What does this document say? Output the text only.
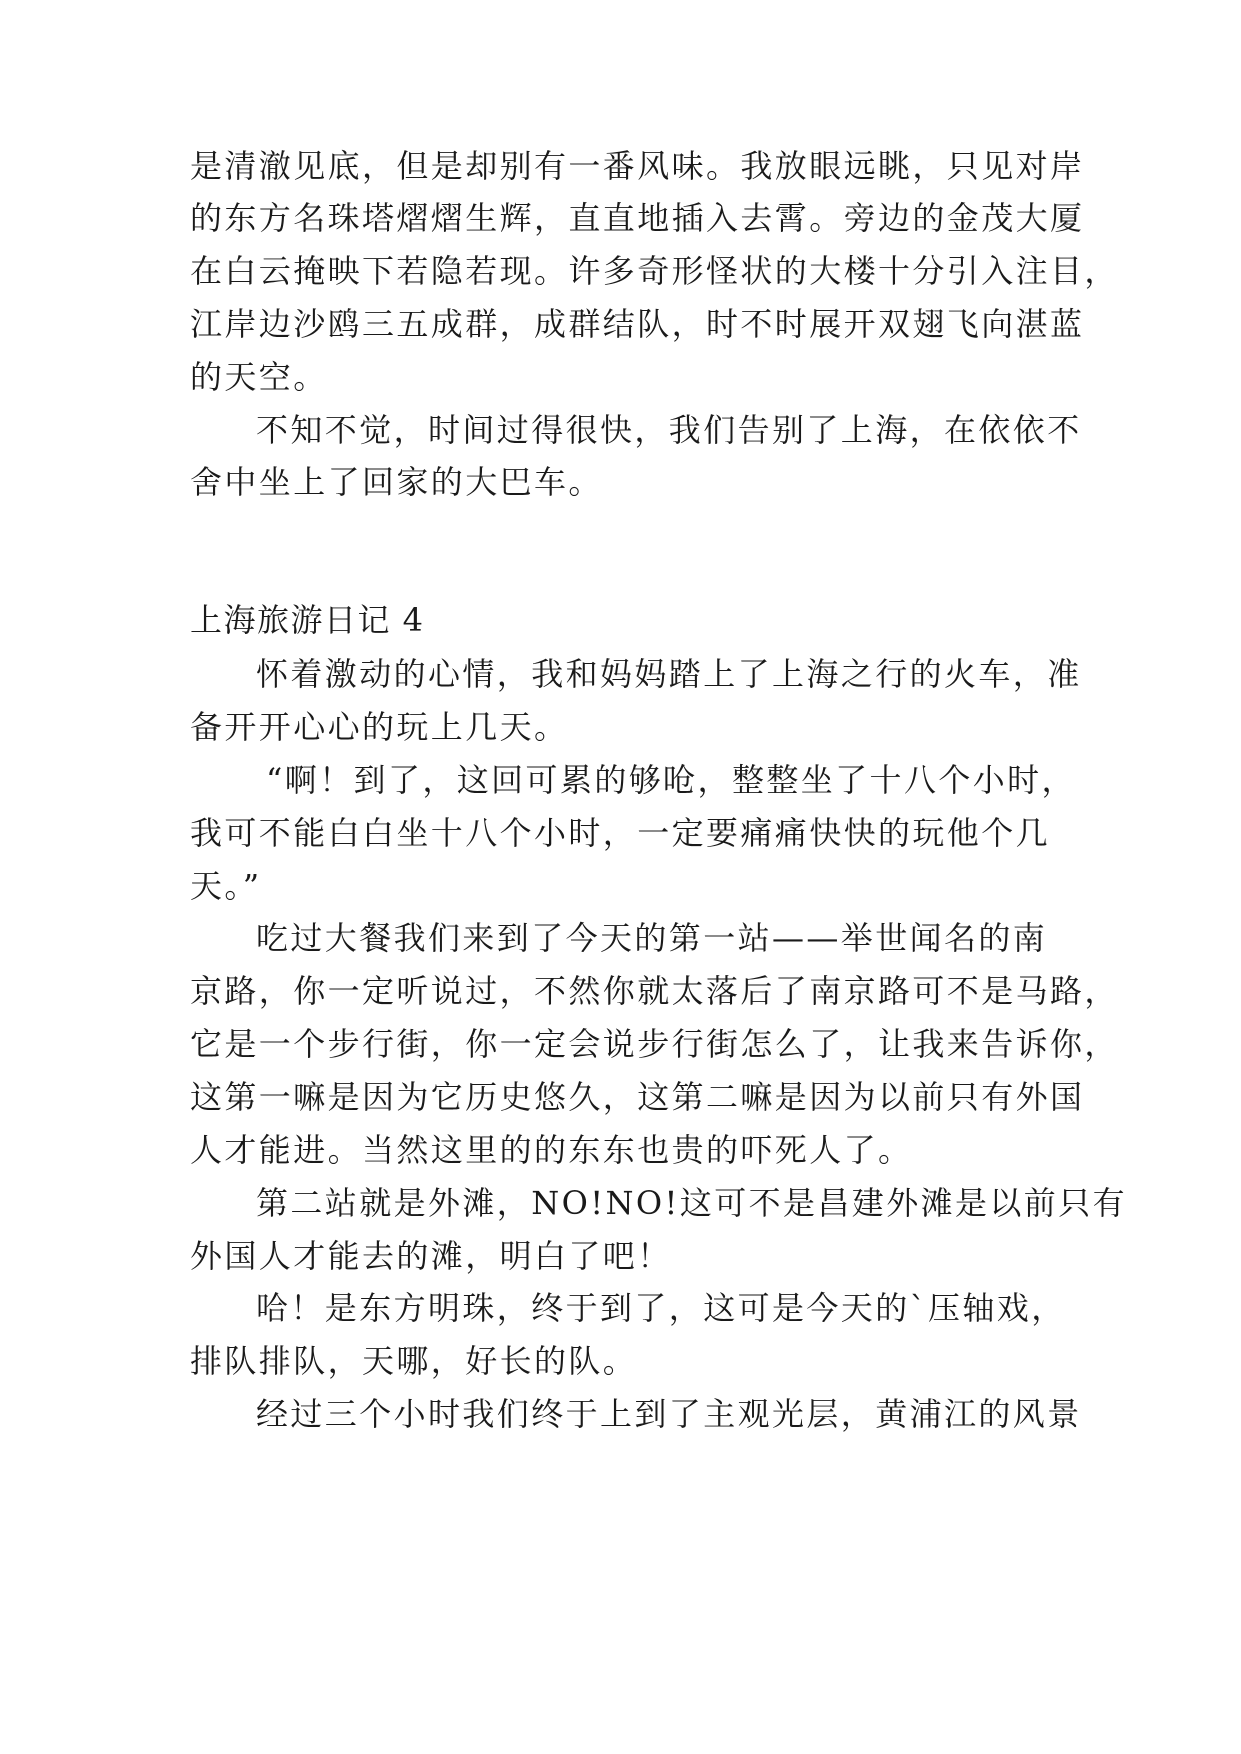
是清澈见底，但是却别有一番风味。我放眼远眺，只见对岸
的东方名珠塔熠熠生辉，直直地插入去霄。旁边的金茂大厦
在白云掩映下若隐若现。许多奇形怪状的大楼十分引入注目，
江岸边沙鸥三五成群，成群结队，时不时展开双翅飞向湛蓝
的天空。
不知不觉，时间过得很快，我们告别了上海，在依依不
舍中坐上了回家的大巴车。
上海旅游日记 4
怀着激动的心情，我和妈妈踏上了上海之行的火车，准
备开开心心的玩上几天。
“啊！到了，这回可累的够呛，整整坐了十八个小时，
我可不能白白坐十八个小时，一定要痛痛快快的玩他个几
天。”
吃过大餐我们来到了今天的第一站——举世闻名的南
京路，你一定听说过，不然你就太落后了南京路可不是马路，
它是一个步行街，你一定会说步行街怎么了，让我来告诉你，
这第一嘛是因为它历史悠久，这第二嘛是因为以前只有外国
人才能进。当然这里的的东东也贵的吓死人了。
第二站就是外滩，NO!NO!这可不是昌建外滩是以前只有
外国人才能去的滩，明白了吧！
哈！是东方明珠，终于到了，这可是今天的`压轴戏，
排队排队，天哪，好长的队。
经过三个小时我们终于上到了主观光层，黄浦江的风景
